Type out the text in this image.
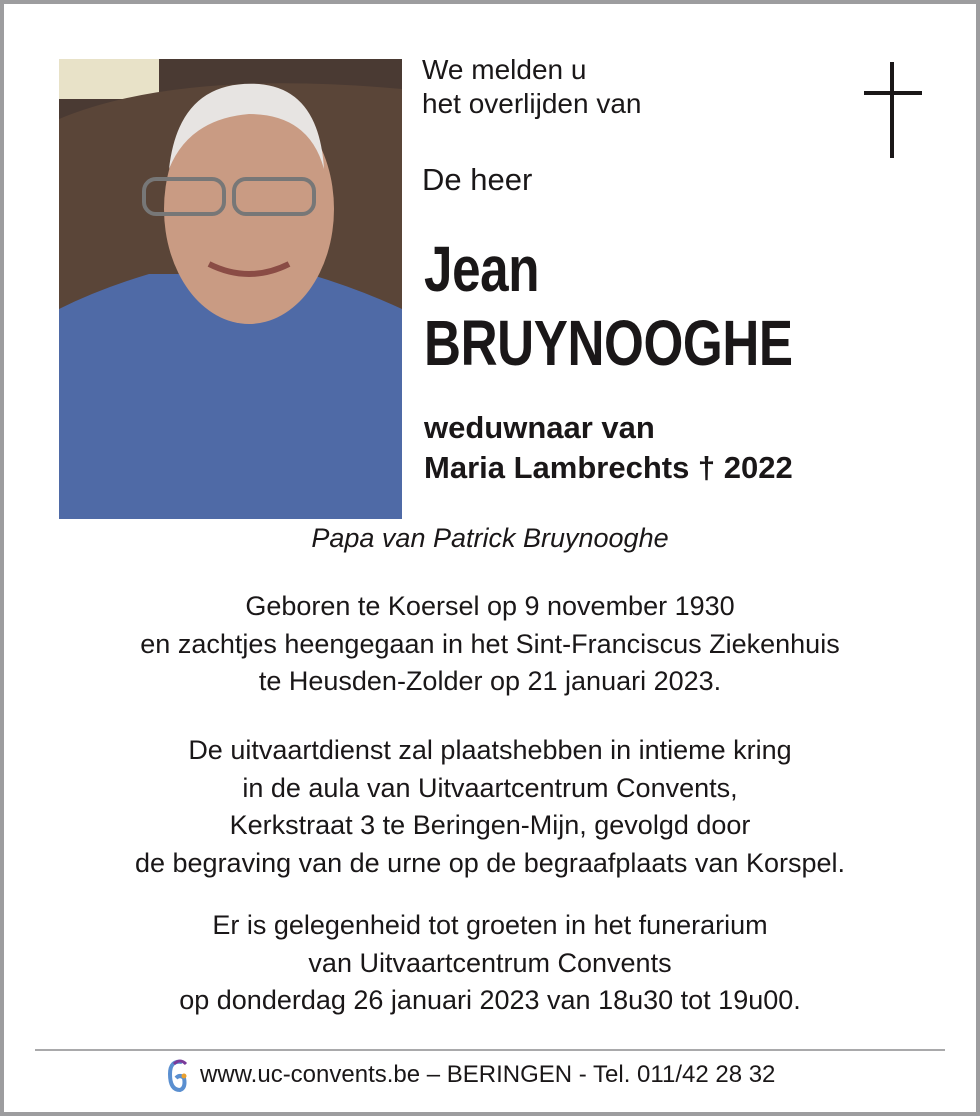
We melden u
het overlijden van
De heer
Jean
BRUYNOOGHE
weduwnaar van
Maria Lambrechts † 2022
Papa van Patrick Bruynooghe
Geboren te Koersel op 9 november 1930
en zachtjes heengegaan in het Sint-Franciscus Ziekenhuis
te Heusden-Zolder op 21 januari 2023.
De uitvaartdienst zal plaatshebben in intieme kring
in de aula van Uitvaartcentrum Convents,
Kerkstraat 3 te Beringen-Mijn, gevolgd door
de begraving van de urne op de begraafplaats van Korspel.
Er is gelegenheid tot groeten in het funerarium
van Uitvaartcentrum Convents
op donderdag 26 januari 2023 van 18u30 tot 19u00.
www.uc-convents.be – BERINGEN - Tel. 011/42 28 32
